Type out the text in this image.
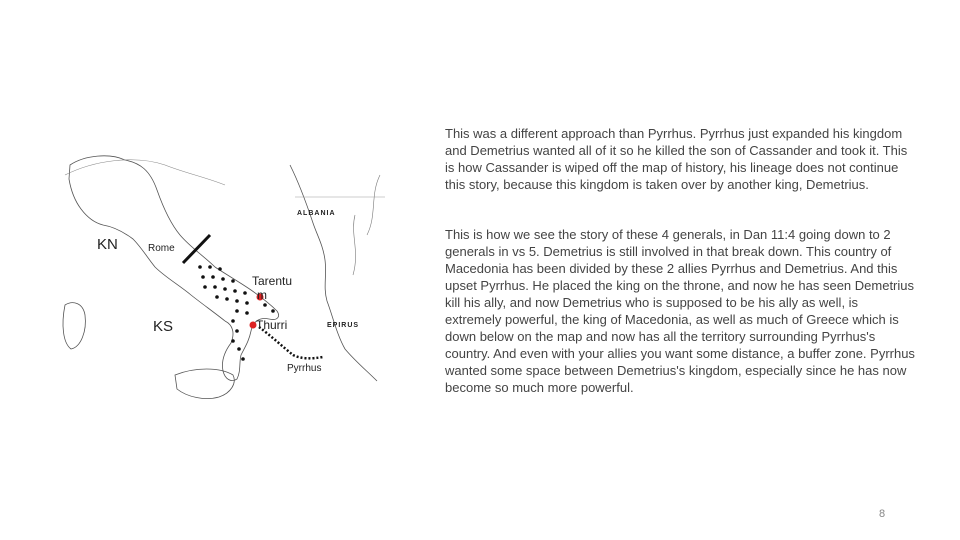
KN	Rome
Tarentu
m
KS	Thurri
Pyrrhus
ALBANIA
EPIRUS

This was a different approach than Pyrrhus. Pyrrhus just expanded his kingdom and Demetrius wanted all of it so he killed the son of Cassander and took it. This is how Cassander is wiped off the map of history, his lineage does not continue this story, because this kingdom is taken over by another king, Demetrius.

This is how we see the story of these 4 generals, in Dan 11:4 going down to 2 generals in vs 5. Demetrius is still involved in that break down. This country of Macedonia has been divided by these 2 allies Pyrrhus and Demetrius. And this upset Pyrrhus. He placed the king on the throne, and now he has seen Demetrius kill his ally, and now Demetrius who is supposed to be his ally as well, is extremely powerful, the king of Macedonia, as well as much of Greece which is down below on the map and now has all the territory surrounding Pyrrhus's country. And even with your allies you want some distance, a buffer zone. Pyrrhus wanted some space between Demetrius's kingdom, especially since he has now become so much more powerful.

8
